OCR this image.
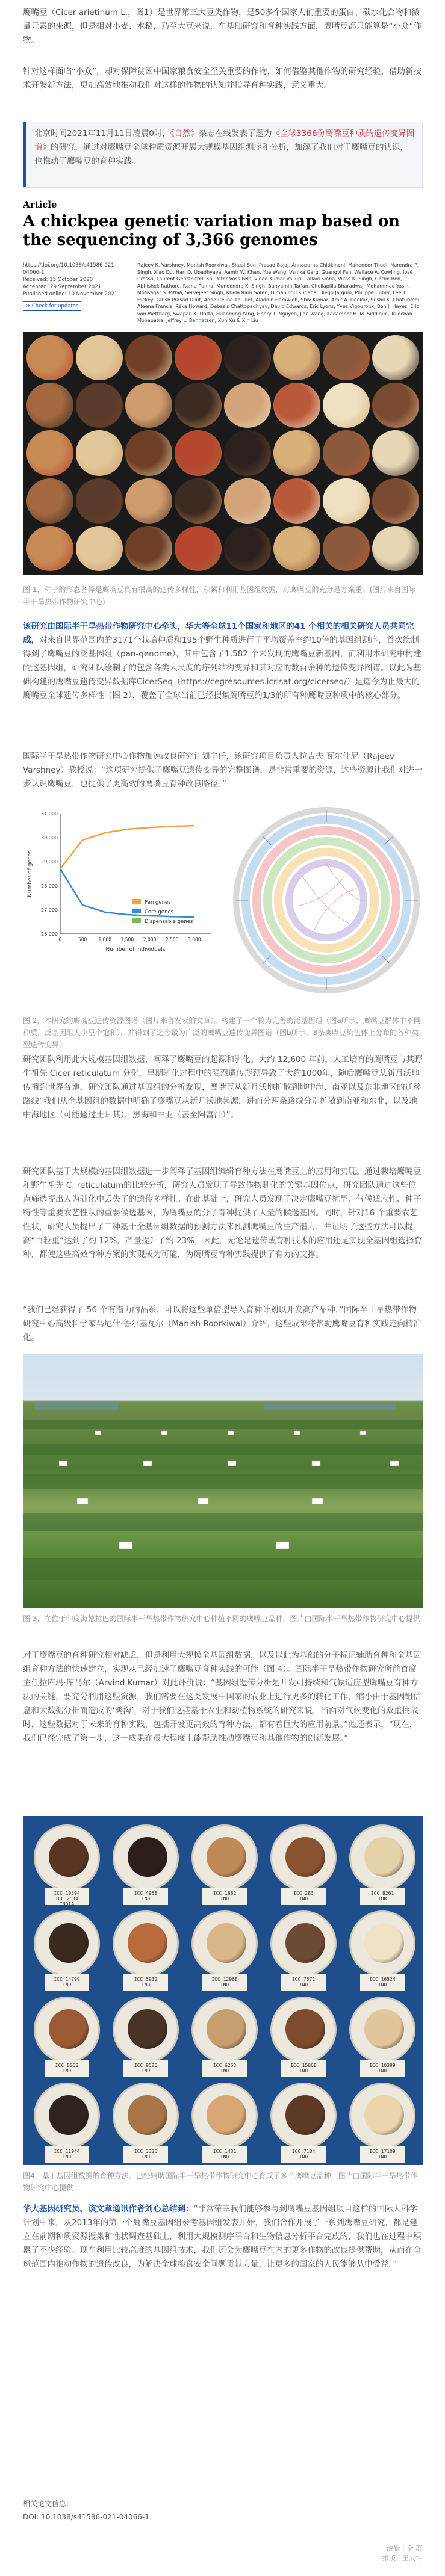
鹰嘴豆（Cicer arietinum L.，图1）是世界第三大豆类作物，是50多个国家人们重要的蛋白、碳水化合物和微量元素的来源，但是相对小麦、水稻，乃至大豆来说，在基础研究和育种实践方面，鹰嘴豆都只能算是“小众”作物。

针对这样面临“小众”，却对保障贫困中国家粮食安全至关重要的作物，如何借鉴其他作物的研究经验，借助新技术开发新方法，更加高效地推动我们对这样的作物的认知并指导育种实践，意义重大。

北京时间2021年11月11日凌晨0时，《自然》杂志在线发表了题为《全球3366份鹰嘴豆种质的遗传变异图谱》的研究，通过对鹰嘴豆全球种质资源开展大规模基因组测序和分析，加深了我们对于鹰嘴豆的认识，也推动了鹰嘴豆的育种实践。
Article
A chickpea genetic variation map based on the sequencing of 3,366 genomes
https://doi.org/10.1038/s41586-021-04066-1
Received: 15 October 2020
Accepted: 29 September 2021
Published online: 10 November 2021
⟳ Check for updates
Rajeev K. Varshney, Manish Roorkiwal, Shuai Sun, Prasad Bajaj, Annapurna Chitikineni, Mahender Thudi, Narendra P. Singh, Xiao Du, Hari D. Upadhyaya, Aamir W. Khan, Yue Wang, Vanika Garg, Guangyi Fan, Wallace A. Cowling, José Crossa, Laurent Gentzbittel, Kai Peter Voss-Fels, Vinod Kumar Valluri, Pallavi Sinha, Vikas K. Singh, Cécile Ben, Abhishek Rathore, Ramu Punna, Muneendra K. Singh, Bunyamin Tar'an, Chellapilla Bharadwaj, Mohammad Yasin, Motisagar S. Pithia, Servejeet Singh, Khela Ram Soren, Himabindu Kudapa, Diego Jarquín, Philippe Cubry, Lee T. Hickey, Girish Prasad Dixit, Anne-Céline Thuillet, Aladdin Hamwieh, Shiv Kumar, Amit A. Deokar, Sushil K. Chaturvedi, Aleena Francis, Réka Howard, Debasis Chattopadhyay, David Edwards, Eric Lyons, Yves Vigouroux, Ben J. Hayes, Eric von Wettberg, Swapan K. Datta, Huanming Yang, Henry T. Nguyen, Jian Wang, Kadambot H. M. Siddique, Trilochan Mohapatra, Jeffrey L. Bennetzen, Xun Xu & Xin Liu
图 1，种子的形态各异是鹰嘴豆具有很高的遗传多样性，积累和利用基因组数据，对鹰嘴豆的充分是方案重。(图片来自国际半干旱热带作物研究中心)

该研究由国际半干旱热带作物研究中心牵头，华大等全球11个国家和地区的41 个相关的相关研究人员共同完成，对来自世界范围内的3171个栽培种质和195个野生种质进行了平均覆盖率约10倍的基因组测序，首次绘制得到了鹰嘴豆的泛基因组（pan-genome），其中包含了1,582 个未发现的鹰嘴豆新基因，而利用本研究中构建的这基因组，研究团队绘制了的包含各类大尺度的序列结构变异和其对应的数百余种的遗传变异图谱。以此为基础构建的鹰嘴豆遗传变异数据库CicerSeq（https://cegresources.icrisat.org/cicerseq/）是迄今为止最大的鹰嘴豆全球遗传多样性（图 2），覆盖了全球当前已经搜集鹰嘴豆约1/3的所有种鹰嘴豆种质中的核心部分。

国际半干旱热带作物研究中心作物加速改良研究计划主任，该研究项目负责人拉吉夫·瓦尔什尼（Rajeev Varshney）教授说：“这项研究提供了鹰嘴豆遗传变异的完整图谱，是非常重要的资源，这些资源让我们对进一步认识鹰嘴豆，也提供了更高效的鹰嘴豆育种改良路径。”

26,000
27,000
28,000
29,000
30,000
31,000
0	500	1,000 1,500 2,000 2,500 3,000
Number of individuals
Number of genes
Pan genes
Core genes
Dispensable genes
图 2，本研究的鹰嘴豆遗传资源图谱（图片来自发表的文章）。构建了一个较为完善的泛基因组（图a所示，鹰嘴豆群体中不同种质，泛基因组大小呈个饱和），并得到了迄今最为广泛的鹰嘴豆遗传变异图谱（图b所示，8条鹰嘴豆染色体上分布的各种类型遗传变异）

研究团队利用此大规模基因组数据，阐释了鹰嘴豆的起源和驯化。大约 12,600 年前，人工培育的鹰嘴豆与其野生祖先 Cicer reticulatum 分化，早期驯化过程中的强烈遗传瓶颈导致了大约1000年，随后鹰嘴豆从新月沃地传播到世界各地，研究团队通过基因组的分析发现，鹰嘴豆从新月沃地扩散到地中海、南亚以及东非地区的迁移路线“我们从全基因组的数据中明确了鹰嘴豆从新月沃地起源，进而分两条路线分别扩散到南亚和东非，以及地中海地区（可能通过土耳其），黑海和中亚（甚至阿富汗）”。

研究团队基于大规模的基因组数据进一步阐释了基因组编辑育种方法在鹰嘴豆上的应用和实现。通过栽培鹰嘴豆和野生祖先 C. reticulatum的比较分析，研究人员发现了导致作物驯化的关键基因位点，研究团队通过这些位点筛选提出人为驯化中丢失了的遗传多样性。在此基础上，研究人员发现了决定鹰嘴豆抗旱、气候适应性、种子特性等重要农艺性状的重要候选基因，为鹰嘴豆的分子育种提供了大量的候选基因。同时，针对16 个重要农艺性状，研究人员提出了三种基于全基因组数据的预测方法来预测鹰嘴豆的生产潜力，并证明了这些方法可以提高“百粒重”达到了约 12%，产量提升了约 23%，因此，无论是遗传或育种技术的应用还是实现全基因组选择育种，都使这些高效育种方案的实现成为可能，为鹰嘴豆育种实践提供了有力的支撑。

“我们已经获得了 56 个有潜力的品系，可以将这些单倍型导入育种计划以开发高产品种，”国际半干旱热带作物研究中心高级科学家马尼什·鲁尔基瓦尔（Manish Roorkiwal）介绍，这些成果将帮助鹰嘴豆育种实践走向精准化。

图 3，在位于印度海德拉巴的国际半干旱热带作物研究中心种植不同的鹰嘴豆品种，图片由国际半干旱热带作物研究中心提供

对于鹰嘴豆的育种研究相对缺乏，但是利用大规模全基因组数据，以及以此为基础的分子标记辅助育种和全基因组育种方法的快速建立，实现从已经加速了鹰嘴豆育种实践的可能（图 4）。国际半干旱热带作物研究所前首席主任拉库玛·库马尔（Arvind Kumar）对此评价说：“基因组遗传分析是开发可持续和气候适应型鹰嘴豆育种方法的关键，要充分利用这些资源，我们需要在这类发展中国家的农业上进行更多的转化工作，缩小由于基因组信息和大数据分析而造成的‘鸿沟’，对于我们这些基于农业和动植物系统的研究来说，当面对气候变化的双重挑战时，这些数据对于未来的育种实践，包括开发更高效的育种方法，都有着巨大的应用前景。”他还表示，“现在，我们已经完成了第一步，这一成果在很大程度上能帮助推动鹰嘴豆和其他作物的创新发展。”

ICC 10394
ICC 2514
INDIA
ICC 4958
IND
ICC 1882
IND
ICC 283
IND
ICC 8261
TUR
ICC 14799
IND
ICC 5912
IND
ICC 12968
IND
ICC 7571
IND
ICC 16524
IND
ICC 8058
IND
ICC 9586
IND
ICC 6263
IND
ICC 15868
IND
ICC 10399
IND
ICC 11944
IND
ICC 3325
IND
ICC 1431
IND
ICC 7184
IND
ICC 17109
IND
图4，基于基因组数据的育种方法，已经辅助国际半干旱热带作物研究中心育成了多个鹰嘴豆品种，图片由国际半干旱热带作物研究中心提供

华大基因研究员、该文章通讯作者刘心总结到：“非常荣幸我们能够参与到鹰嘴豆基因组项目这样的国际大科学计划中来，从2013年的第一个鹰嘴豆基因组参考基因组发表开始，我们合作开展了一系列鹰嘴豆研究，都是建立在前期种质资源搜集和性状调查基础上，利用大规模测序平台和生物信息分析平台完成的，我们也在过程中积累了不少经验。现在利用比较高度的基因组技术，我们还会为鹰嘴豆在内的更多作物的改良提供帮助，从而在全球范围内推动作物的遗传改良，为解决全球粮食安全问题贡献力量，让更多的国家的人民能够从中受益。”

相关论文信息：
DOI: 10.1038/s41586-021-04066-1
编辑｜余 群
排版｜王大忤
